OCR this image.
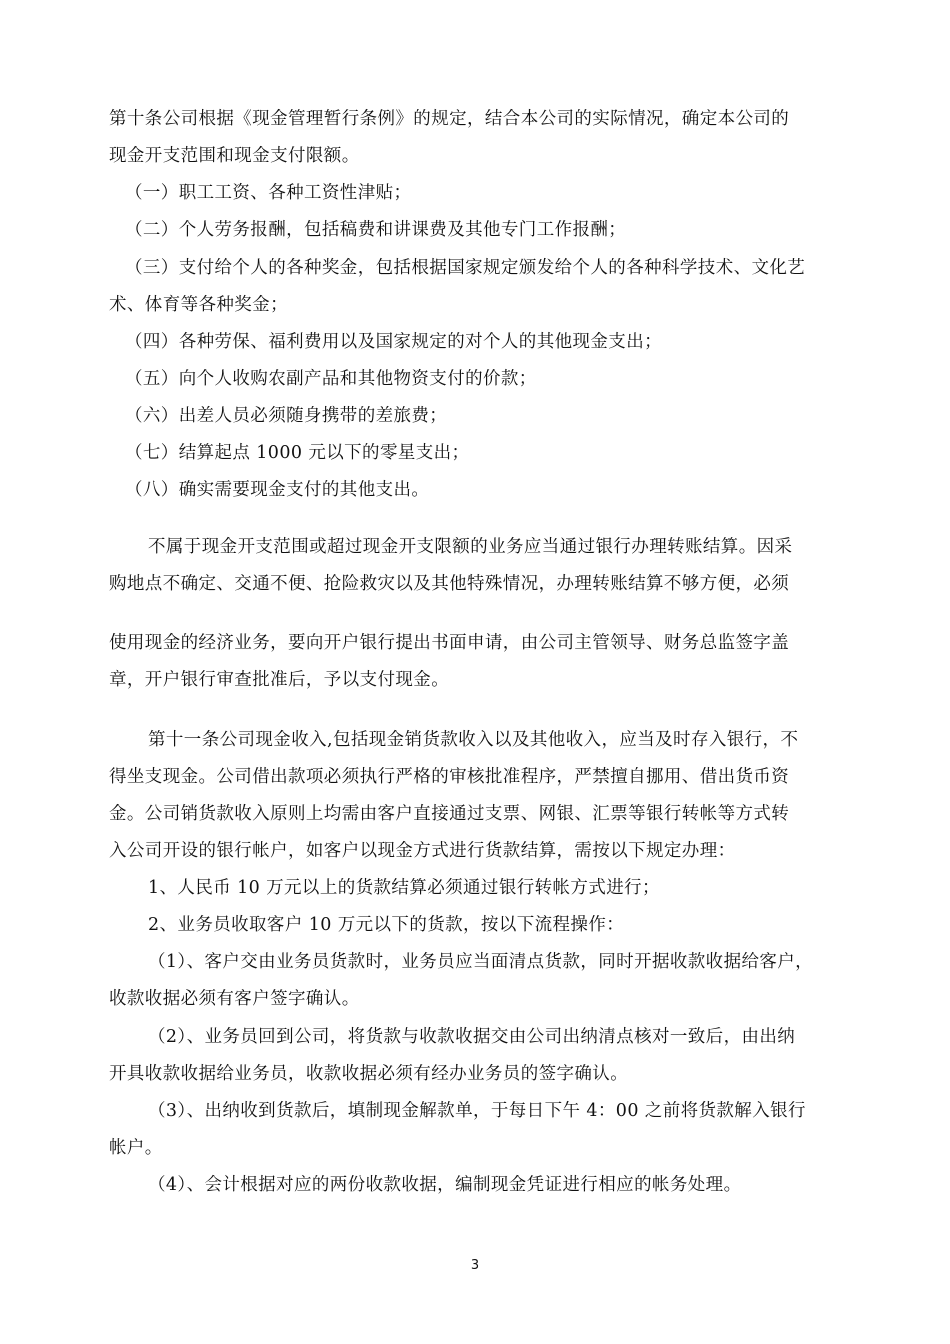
第十条公司根据《现金管理暂行条例》的规定，结合本公司的实际情况，确定本公司的
现金开支范围和现金支付限额。
（一）职工工资、各种工资性津贴；
（二）个人劳务报酬，包括稿费和讲课费及其他专门工作报酬；
（三）支付给个人的各种奖金，包括根据国家规定颁发给个人的各种科学技术、文化艺
术、体育等各种奖金；
（四）各种劳保、福利费用以及国家规定的对个人的其他现金支出；
（五）向个人收购农副产品和其他物资支付的价款；
（六）出差人员必须随身携带的差旅费；
（七）结算起点 1000 元以下的零星支出；
（八）确实需要现金支付的其他支出。
不属于现金开支范围或超过现金开支限额的业务应当通过银行办理转账结算。因采
购地点不确定、交通不便、抢险救灾以及其他特殊情况，办理转账结算不够方便，必须
使用现金的经济业务，要向开户银行提出书面申请，由公司主管领导、财务总监签字盖
章，开户银行审查批准后，予以支付现金。
第十一条公司现金收入,包括现金销货款收入以及其他收入，应当及时存入银行，不
得坐支现金。公司借出款项必须执行严格的审核批准程序，严禁擅自挪用、借出货币资
金。公司销货款收入原则上均需由客户直接通过支票、网银、汇票等银行转帐等方式转
入公司开设的银行帐户，如客户以现金方式进行货款结算，需按以下规定办理：
1、人民币 10 万元以上的货款结算必须通过银行转帐方式进行；
2、业务员收取客户 10 万元以下的货款，按以下流程操作：
（1）、客户交由业务员货款时，业务员应当面清点货款，同时开据收款收据给客户，
收款收据必须有客户签字确认。
（2）、业务员回到公司，将货款与收款收据交由公司出纳清点核对一致后，由出纳
开具收款收据给业务员，收款收据必须有经办业务员的签字确认。
（3）、出纳收到货款后，填制现金解款单，于每日下午 4：00 之前将货款解入银行
帐户。
（4）、会计根据对应的两份收款收据，编制现金凭证进行相应的帐务处理。
3
